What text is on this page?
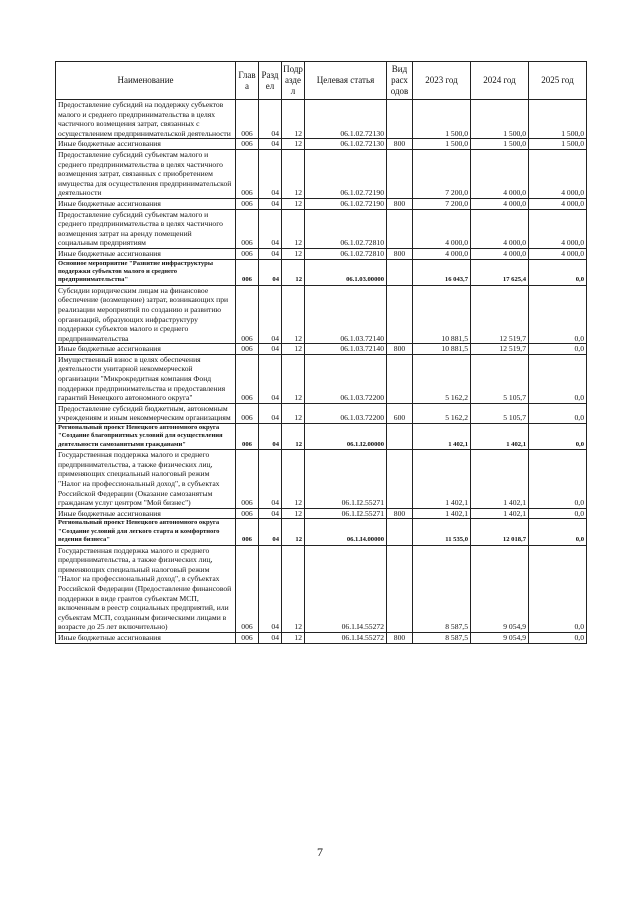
Наименование	Глав а	Разд ел	Подр азде л	Целевая статья	Вид расх одов	2023 год	2024 год	2025 год
Предоставление субсидий на поддержку субъектов малого и среднего предпринимательства в целях частичного возмещения затрат, связанных с осуществлением предпринимательской деятельности	006	04	12	06.1.02.72130		1 500,0	1 500,0	1 500,0
Иные бюджетные ассигнования	006	04	12	06.1.02.72130	800	1 500,0	1 500,0	1 500,0
Предоставление субсидий субъектам малого и среднего предпринимательства в целях частичного возмещения затрат, связанных с приобретением имущества для осуществления предпринимательской деятельности	006	04	12	06.1.02.72190		7 200,0	4 000,0	4 000,0
Иные бюджетные ассигнования	006	04	12	06.1.02.72190	800	7 200,0	4 000,0	4 000,0
Предоставление субсидий субъектам малого и среднего предпринимательства в целях частичного возмещения затрат на аренду помещений социальным предприятиям	006	04	12	06.1.02.72810		4 000,0	4 000,0	4 000,0
Иные бюджетные ассигнования	006	04	12	06.1.02.72810	800	4 000,0	4 000,0	4 000,0
Основное мероприятие "Развитие инфраструктуры поддержки субъектов малого и среднего предпринимательства"	006	04	12	06.1.03.00000		16 043,7	17 625,4	0,0
Субсидии юридическим лицам на финансовое обеспечение (возмещение) затрат, возникающих при реализации мероприятий по созданию и развитию организаций, образующих инфраструктуру поддержки субъектов малого и среднего предпринимательства	006	04	12	06.1.03.72140		10 881,5	12 519,7	0,0
Иные бюджетные ассигнования	006	04	12	06.1.03.72140	800	10 881,5	12 519,7	0,0
Имущественный взнос в целях обеспечения деятельности унитарной некоммерческой организации "Микрокредитная компания Фонд поддержки предпринимательства и предоставления гарантий Ненецкого автономного округа"	006	04	12	06.1.03.72200		5 162,2	5 105,7	0,0
Предоставление субсидий бюджетным, автономным учреждениям и иным некоммерческим организациям	006	04	12	06.1.03.72200	600	5 162,2	5 105,7	0,0
Региональный проект Ненецкого автономного округа "Создание благоприятных условий для осуществления деятельности самозанятыми гражданами"	006	04	12	06.1.I2.00000		1 402,1	1 402,1	0,0
Государственная поддержка малого и среднего предпринимательства, а также физических лиц, применяющих специальный налоговый режим "Налог на профессиональный доход", в субъектах Российской Федерации (Оказание самозанятым гражданам услуг центром "Мой бизнес")	006	04	12	06.1.I2.55271		1 402,1	1 402,1	0,0
Иные бюджетные ассигнования	006	04	12	06.1.I2.55271	800	1 402,1	1 402,1	0,0
Региональный проект Ненецкого автономного округа "Создание условий для легкого старта и комфортного ведения бизнеса"	006	04	12	06.1.I4.00000		11 535,0	12 018,7	0,0
Государственная поддержка малого и среднего предпринимательства, а также физических лиц, применяющих специальный налоговый режим "Налог на профессиональный доход", в субъектах Российской Федерации (Предоставление финансовой поддержки в виде грантов субъектам МСП, включенным в реестр социальных предприятий, или субъектам МСП, созданным физическими лицами в возрасте до 25 лет включительно)	006	04	12	06.1.I4.55272		8 587,5	9 054,9	0,0
Иные бюджетные ассигнования	006	04	12	06.1.I4.55272	800	8 587,5	9 054,9	0,0
7
